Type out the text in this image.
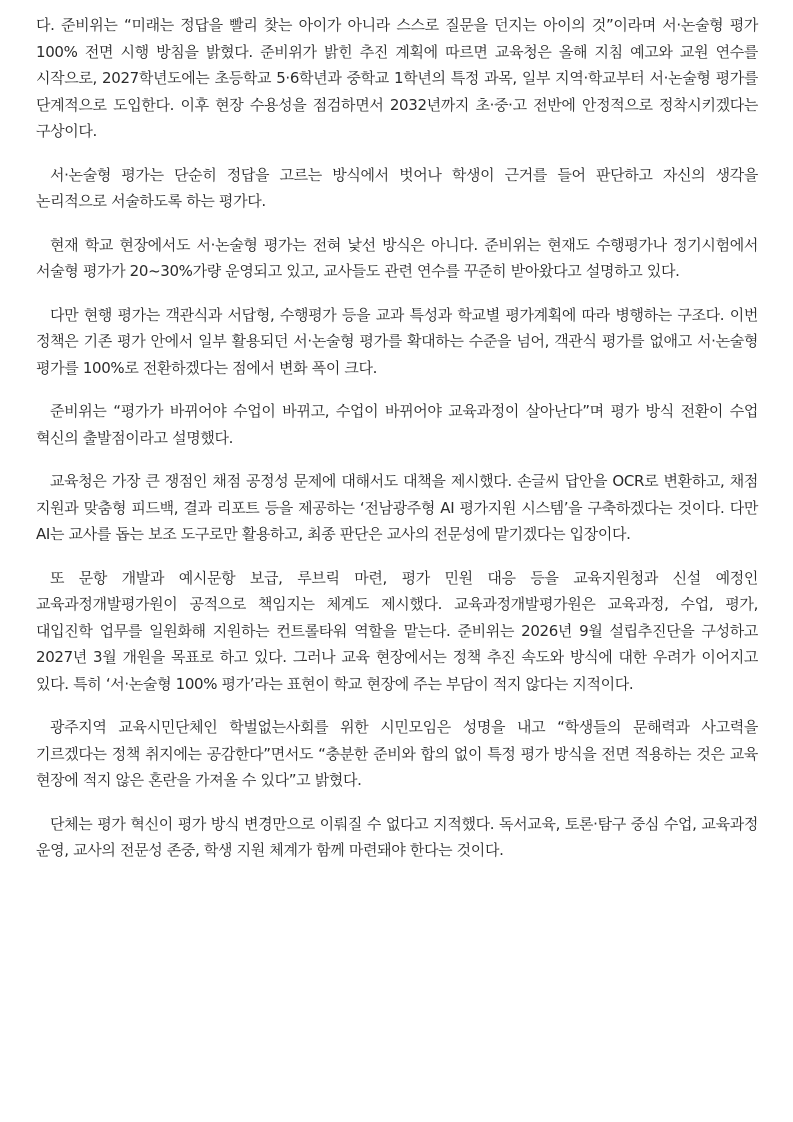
다. 준비위는 “미래는 정답을 빨리 찾는 아이가 아니라 스스로 질문을 던지는 아이의 것”이라며 서·논술형 평가 100% 전면 시행 방침을 밝혔다. 준비위가 밝힌 추진 계획에 따르면 교육청은 올해 지침 예고와 교원 연수를 시작으로, 2027학년도에는 초등학교 5·6학년과 중학교 1학년의 특정 과목, 일부 지역·학교부터 서·논술형 평가를 단계적으로 도입한다. 이후 현장 수용성을 점검하면서 2032년까지 초·중·고 전반에 안정적으로 정착시키겠다는 구상이다.

서·논술형 평가는 단순히 정답을 고르는 방식에서 벗어나 학생이 근거를 들어 판단하고 자신의 생각을 논리적으로 서술하도록 하는 평가다.

현재 학교 현장에서도 서·논술형 평가는 전혀 낯선 방식은 아니다. 준비위는 현재도 수행평가나 정기시험에서 서술형 평가가 20~30%가량 운영되고 있고, 교사들도 관련 연수를 꾸준히 받아왔다고 설명하고 있다.

다만 현행 평가는 객관식과 서답형, 수행평가 등을 교과 특성과 학교별 평가계획에 따라 병행하는 구조다. 이번 정책은 기존 평가 안에서 일부 활용되던 서·논술형 평가를 확대하는 수준을 넘어, 객관식 평가를 없애고 서·논술형 평가를 100%로 전환하겠다는 점에서 변화 폭이 크다.

준비위는 “평가가 바뀌어야 수업이 바뀌고, 수업이 바뀌어야 교육과정이 살아난다”며 평가 방식 전환이 수업 혁신의 출발점이라고 설명했다.

교육청은 가장 큰 쟁점인 채점 공정성 문제에 대해서도 대책을 제시했다. 손글씨 답안을 OCR로 변환하고, 채점 지원과 맞춤형 피드백, 결과 리포트 등을 제공하는 ‘전남광주형 AI 평가지원 시스템’을 구축하겠다는 것이다. 다만 AI는 교사를 돕는 보조 도구로만 활용하고, 최종 판단은 교사의 전문성에 맡기겠다는 입장이다.

또 문항 개발과 예시문항 보급, 루브릭 마련, 평가 민원 대응 등을 교육지원청과 신설 예정인 교육과정개발평가원이 공적으로 책임지는 체계도 제시했다. 교육과정개발평가원은 교육과정, 수업, 평가, 대입진학 업무를 일원화해 지원하는 컨트롤타워 역할을 맡는다. 준비위는 2026년 9월 설립추진단을 구성하고 2027년 3월 개원을 목표로 하고 있다. 그러나 교육 현장에서는 정책 추진 속도와 방식에 대한 우려가 이어지고 있다. 특히 ‘서·논술형 100% 평가’라는 표현이 학교 현장에 주는 부담이 적지 않다는 지적이다.

광주지역 교육시민단체인 학벌없는사회를 위한 시민모임은 성명을 내고 “학생들의 문해력과 사고력을 기르겠다는 정책 취지에는 공감한다”면서도 “충분한 준비와 합의 없이 특정 평가 방식을 전면 적용하는 것은 교육 현장에 적지 않은 혼란을 가져올 수 있다”고 밝혔다.

단체는 평가 혁신이 평가 방식 변경만으로 이뤄질 수 없다고 지적했다. 독서교육, 토론·탐구 중심 수업, 교육과정 운영, 교사의 전문성 존중, 학생 지원 체계가 함께 마련돼야 한다는 것이다.
